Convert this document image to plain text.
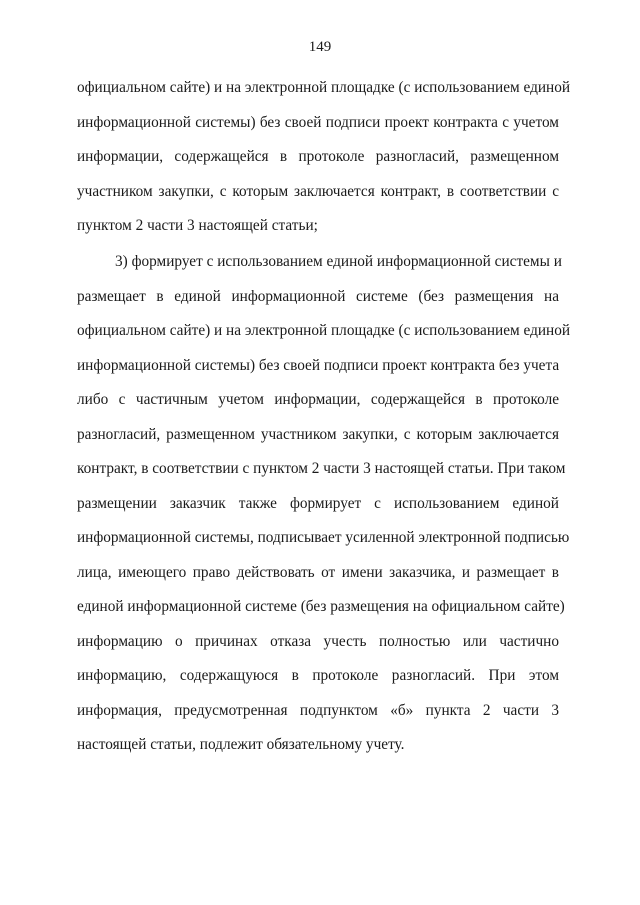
149
официальном сайте) и на электронной площадке (с использованием единой
информационной системы) без своей подписи проект контракта с учетом
информации, содержащейся в протоколе разногласий, размещенном
участником закупки, с которым заключается контракт, в соответствии с
пунктом 2 части 3 настоящей статьи;
3) формирует с использованием единой информационной системы и
размещает в единой информационной системе (без размещения на
официальном сайте) и на электронной площадке (с использованием единой
информационной системы) без своей подписи проект контракта без учета
либо с частичным учетом информации, содержащейся в протоколе
разногласий, размещенном участником закупки, с которым заключается
контракт, в соответствии с пунктом 2 части 3 настоящей статьи. При таком
размещении заказчик также формирует с использованием единой
информационной системы, подписывает усиленной электронной подписью
лица, имеющего право действовать от имени заказчика, и размещает в
единой информационной системе (без размещения на официальном сайте)
информацию о причинах отказа учесть полностью или частично
информацию, содержащуюся в протоколе разногласий. При этом
информация, предусмотренная подпунктом «б» пункта 2 части 3
настоящей статьи, подлежит обязательному учету.
